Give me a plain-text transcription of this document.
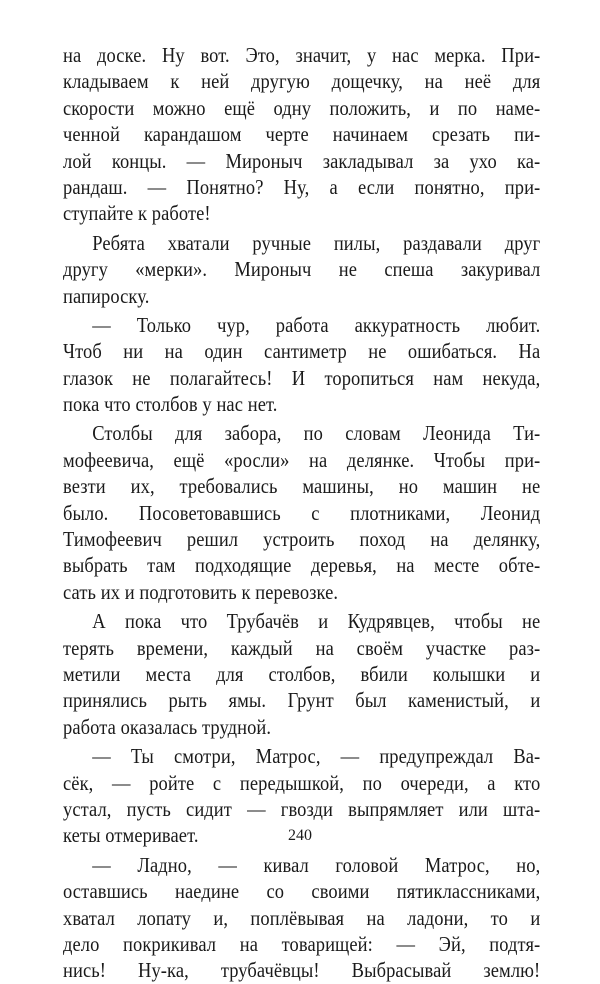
на доске. Ну вот. Это, значит, у нас мерка. При-
кладываем к ней другую дощечку, на неё для
скорости можно ещё одну положить, и по наме-
ченной карандашом черте начинаем срезать пи-
лой концы. — Мироныч закладывал за ухо ка-
рандаш. — Понятно? Ну, а если понятно, при-
ступайте к работе!
Ребята хватали ручные пилы, раздавали друг
другу «мерки». Мироныч не спеша закуривал
папироску.
— Только чур, работа аккуратность любит.
Чтоб ни на один сантиметр не ошибаться. На
глазок не полагайтесь! И торопиться нам некуда,
пока что столбов у нас нет.
Столбы для забора, по словам Леонида Ти-
мофеевича, ещё «росли» на делянке. Чтобы при-
везти их, требовались машины, но машин не
было. Посоветовавшись с плотниками, Леонид
Тимофеевич решил устроить поход на делянку,
выбрать там подходящие деревья, на месте обте-
сать их и подготовить к перевозке.
А пока что Трубачёв и Кудрявцев, чтобы не
терять времени, каждый на своём участке раз-
метили места для столбов, вбили колышки и
принялись рыть ямы. Грунт был каменистый, и
работа оказалась трудной.
— Ты смотри, Матрос, — предупреждал Ва-
сёк, — ройте с передышкой, по очереди, а кто
устал, пусть сидит — гвозди выпрямляет или шта-
кеты отмеривает.
— Ладно, — кивал головой Матрос, но,
оставшись наедине со своими пятиклассниками,
хватал лопату и, поплёвывая на ладони, то и
дело покрикивал на товарищей: — Эй, подтя-
нись! Ну-ка, трубачёвцы! Выбрасывай землю!
240
